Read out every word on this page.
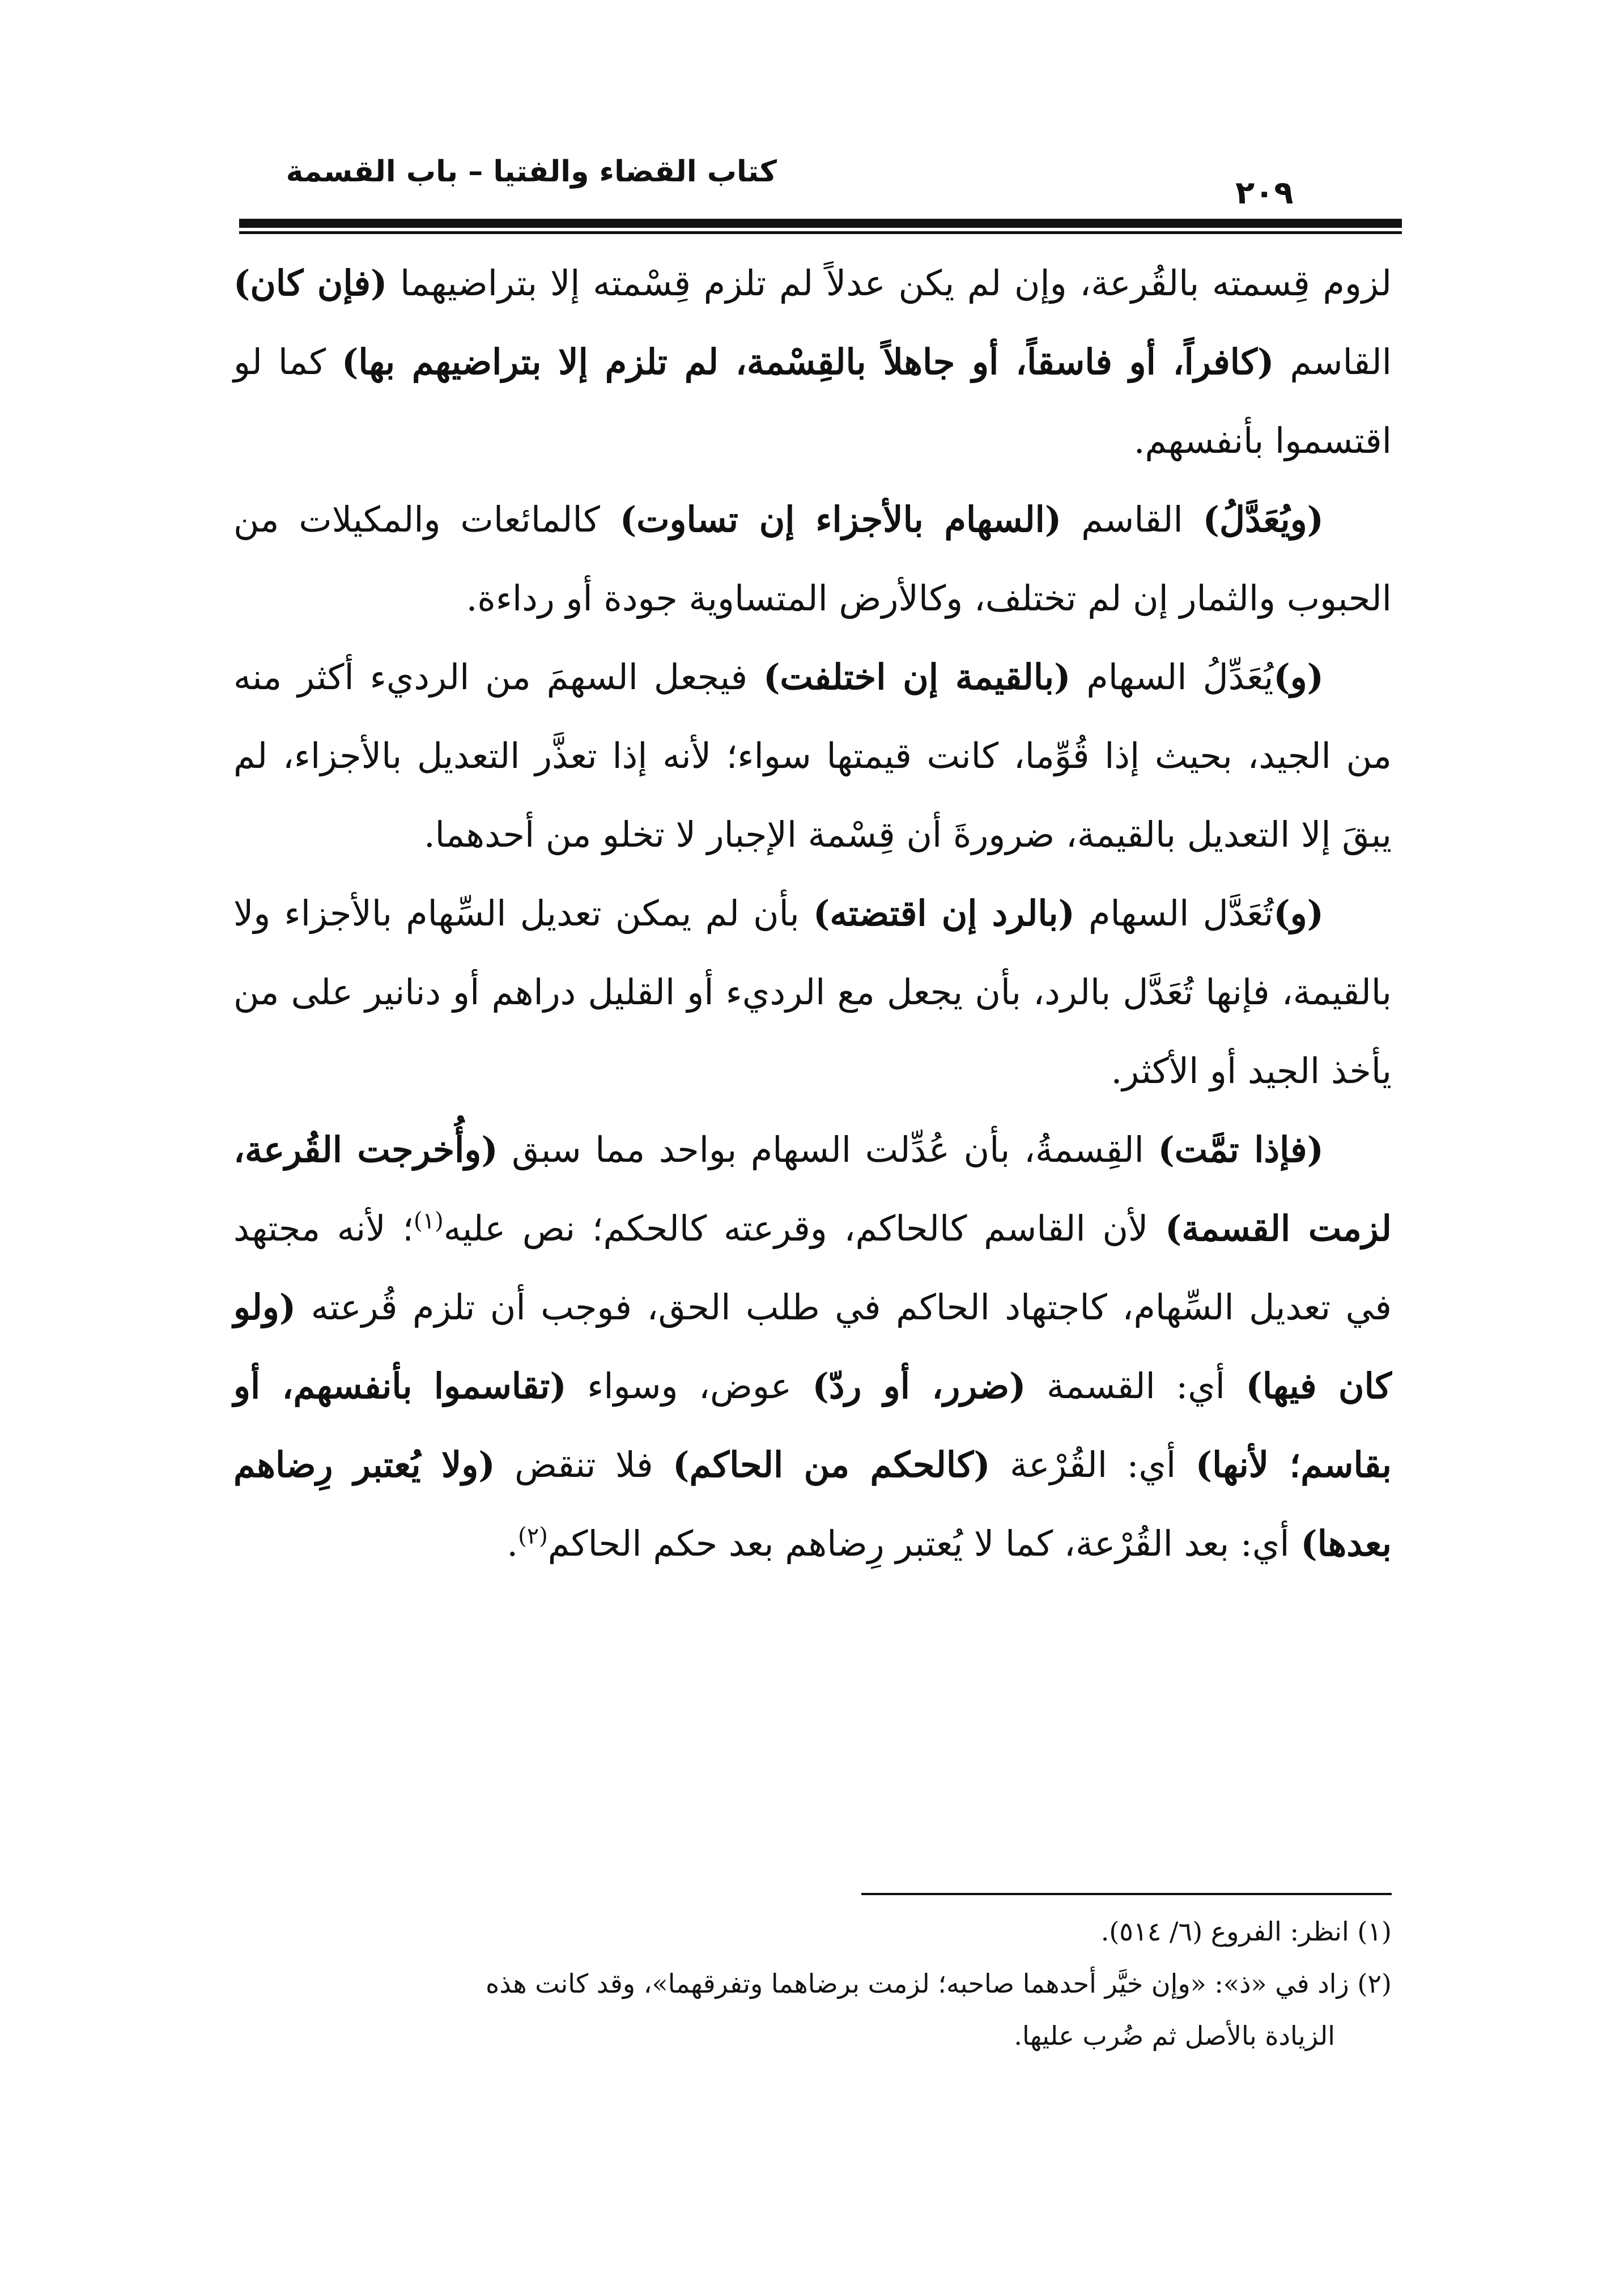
كتاب القضاء والفتيا – باب القسمة
٢٠٩

لزوم قِسمته بالقُرعة، وإن لم يكن عدلاً لم تلزم قِسْمته إلا بتراضيهما (فإن كان) القاسم (كافراً، أو فاسقاً، أو جاهلاً بالقِسْمة، لم تلزم إلا بتراضيهم بها) كما لو اقتسموا بأنفسهم.

(ويُعَدَّلُ) القاسم (السهام بالأجزاء إن تساوت) كالمائعات والمكيلات من الحبوب والثمار إن لم تختلف، وكالأرض المتساوية جودة أو رداءة.

(و)يُعَدِّلُ السهام (بالقيمة إن اختلفت) فيجعل السهمَ من الرديء أكثر منه من الجيد، بحيث إذا قُوِّما، كانت قيمتها سواء؛ لأنه إذا تعذَّر التعديل بالأجزاء، لم يبقَ إلا التعديل بالقيمة، ضرورةَ أن قِسْمة الإجبار لا تخلو من أحدهما.

(و)تُعَدَّل السهام (بالرد إن اقتضته) بأن لم يمكن تعديل السِّهام بالأجزاء ولا بالقيمة، فإنها تُعَدَّل بالرد، بأن يجعل مع الرديء أو القليل دراهم أو دنانير على من يأخذ الجيد أو الأكثر.

(فإذا تمَّت) القِسمةُ، بأن عُدِّلت السهام بواحد مما سبق (وأُخرجت القُرعة، لزمت القسمة) لأن القاسم كالحاكم، وقرعته كالحكم؛ نص عليه$^{(١)}$؛ لأنه مجتهد في تعديل السِّهام، كاجتهاد الحاكم في طلب الحق، فوجب أن تلزم قُرعته (ولو كان فيها) أي: القسمة (ضرر، أو ردّ) عوض، وسواء (تقاسموا بأنفسهم، أو بقاسم؛ لأنها) أي: القُرْعة (كالحكم من الحاكم) فلا تنقض (ولا يُعتبر رِضاهم بعدها) أي: بعد القُرْعة، كما لا يُعتبر رِضاهم بعد حكم الحاكم$^{(٢)}$.

(١) انظر: الفروع (٦/ ٥١٤).

(٢) زاد في «ذ»: «وإن خيَّر أحدهما صاحبه؛ لزمت برضاهما وتفرقهما»، وقد كانت هذه

الزيادة بالأصل ثم ضُرب عليها.
